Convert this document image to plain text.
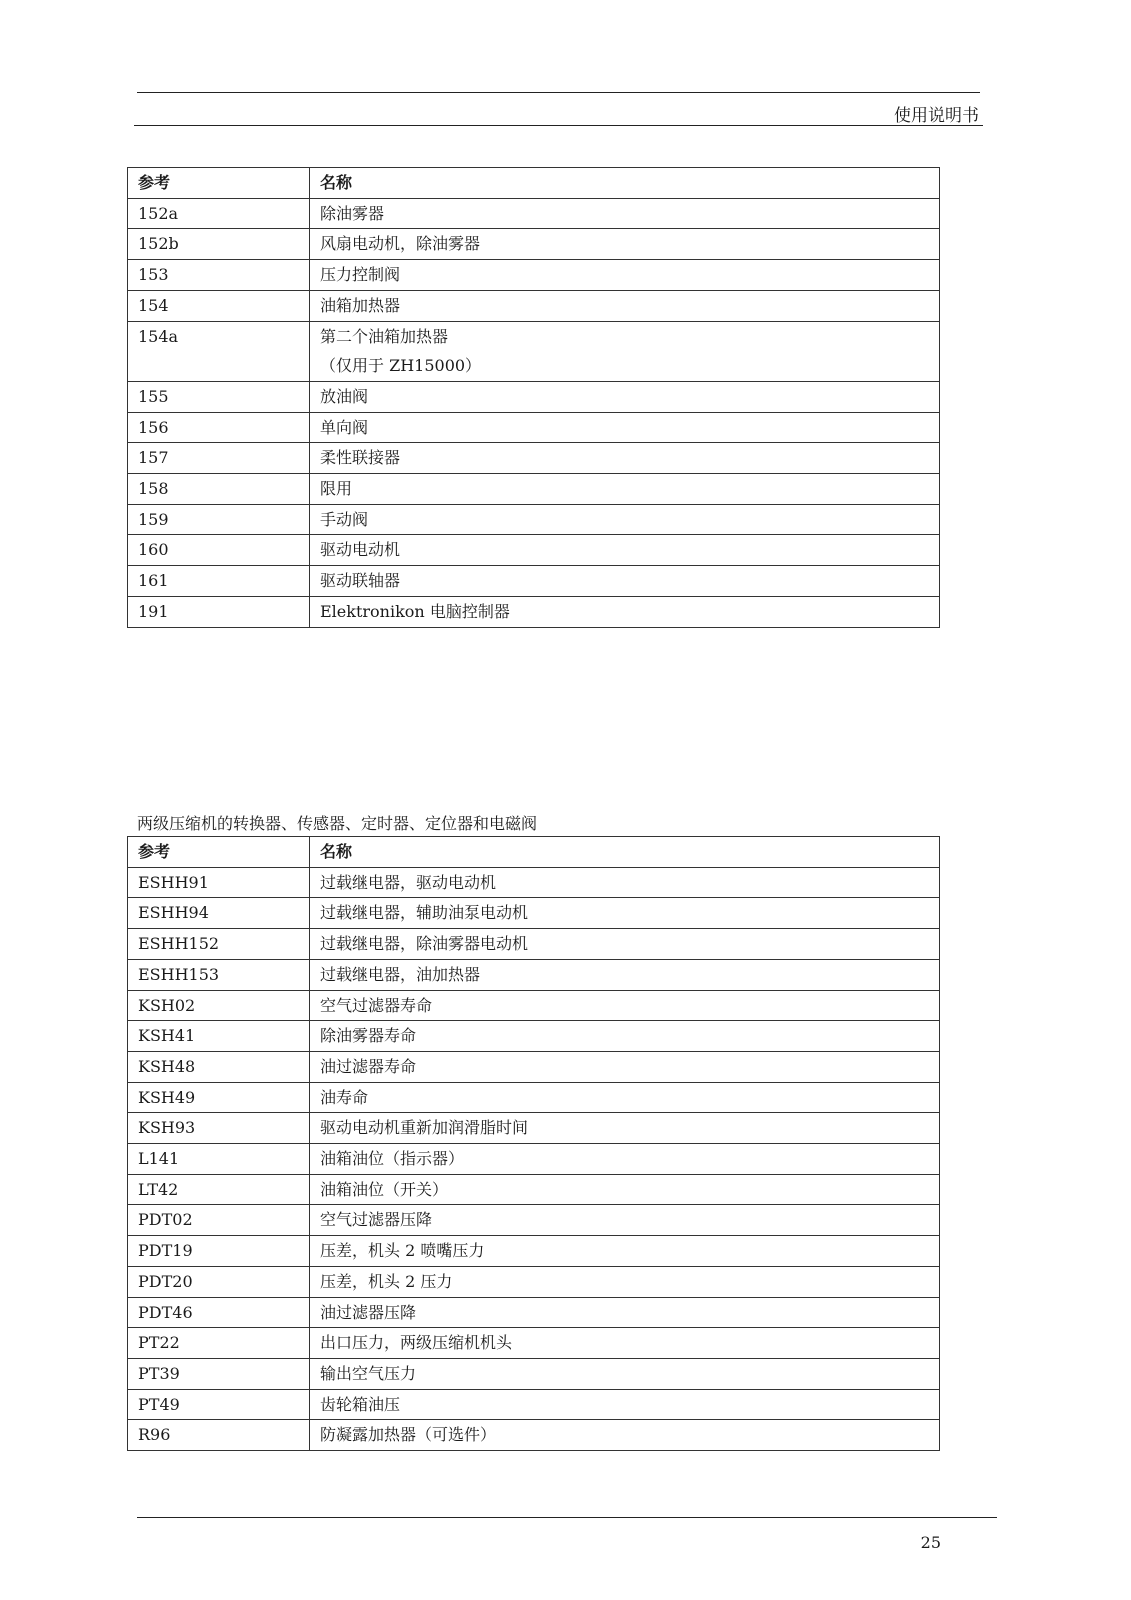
使用说明书
参考	名称
152a	除油雾器

152b	风扇电动机，除油雾器

153	压力控制阀

154	油箱加热器

154a	第二个油箱加热器
（仅用于 ZH15000）

155	放油阀

156	单向阀

157	柔性联接器

158	限用

159	手动阀

160	驱动电动机

161	驱动联轴器

191	Elektronikon 电脑控制器
两级压缩机的转换器、传感器、定时器、定位器和电磁阀
参考	名称
ESHH91	过载继电器，驱动电动机

ESHH94	过载继电器，辅助油泵电动机

ESHH152	过载继电器，除油雾器电动机

ESHH153	过载继电器，油加热器

KSH02	空气过滤器寿命

KSH41	除油雾器寿命

KSH48	油过滤器寿命

KSH49	油寿命

KSH93	驱动电动机重新加润滑脂时间

L141	油箱油位（指示器）

LT42	油箱油位（开关）

PDT02	空气过滤器压降

PDT19	压差，机头 2 喷嘴压力

PDT20	压差，机头 2 压力

PDT46	油过滤器压降

PT22	出口压力，两级压缩机机头

PT39	输出空气压力

PT49	齿轮箱油压

R96	防凝露加热器（可选件）
25
